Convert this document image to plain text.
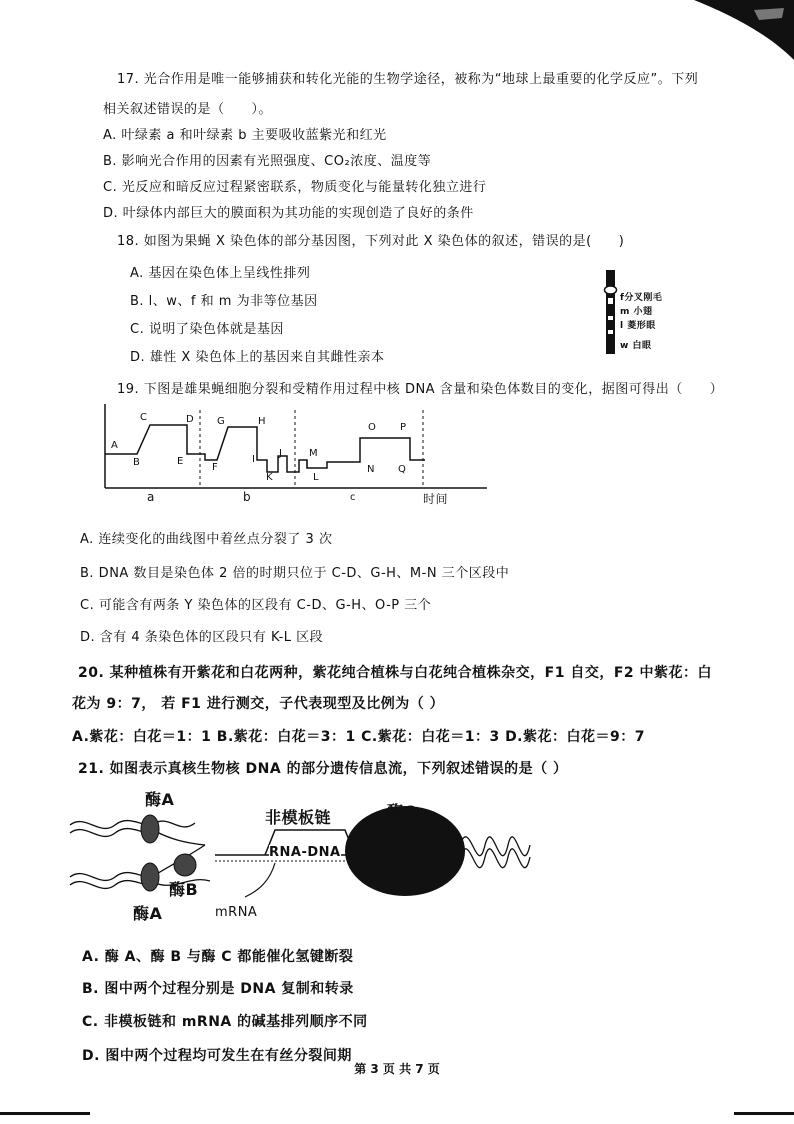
17. 光合作用是唯一能够捕获和转化光能的生物学途径，被称为“地球上最重要的化学反应”。下列
相关叙述错误的是（　　）。
A. 叶绿素 a 和叶绿素 b 主要吸收蓝紫光和红光
B. 影响光合作用的因素有光照强度、CO₂浓度、温度等
C. 光反应和暗反应过程紧密联系，物质变化与能量转化独立进行
D. 叶绿体内部巨大的膜面积为其功能的实现创造了良好的条件
18. 如图为果蝇 X 染色体的部分基因图，下列对此 X 染色体的叙述，错误的是(　　)
A. 基因在染色体上呈线性排列
B. l、w、f 和 m 为非等位基因
C. 说明了染色体就是基因
D. 雄性 X 染色体上的基因来自其雌性亲本
f分叉刚毛
m 小翅
l 菱形眼
w 白眼
19. 下图是雄果蝇细胞分裂和受精作用过程中核 DNA 含量和染色体数目的变化，据图可得出（　　）
A
B
C	D
E
F
G	H
I
J
K	L
M
N
O P
Q
a	b	c	时间
A. 连续变化的曲线图中着丝点分裂了 3 次
B. DNA 数目是染色体 2 倍的时期只位于 C-D、G-H、M-N 三个区段中
C. 可能含有两条 Y 染色体的区段有 C-D、G-H、O-P 三个
D. 含有 4 条染色体的区段只有 K-L 区段
20. 某种植株有开紫花和白花两种，紫花纯合植株与白花纯合植株杂交，F1 自交，F2 中紫花：白
花为 9：7， 若 F1 进行测交，子代表现型及比例为（ ）
A.紫花：白花＝1：1 B.紫花：白花＝3：1 C.紫花：白花＝1：3 D.紫花：白花＝9：7
21. 如图表示真核生物核 DNA 的部分遗传信息流，下列叙述错误的是（ ）
酶A
酶B
酶A
非模板链	酶C
RNA-DNA
mRNA
A. 酶 A、酶 B 与酶 C 都能催化氢键断裂
B. 图中两个过程分别是 DNA 复制和转录
C. 非模板链和 mRNA 的碱基排列顺序不同
D. 图中两个过程均可发生在有丝分裂间期
第 3 页 共 7 页
